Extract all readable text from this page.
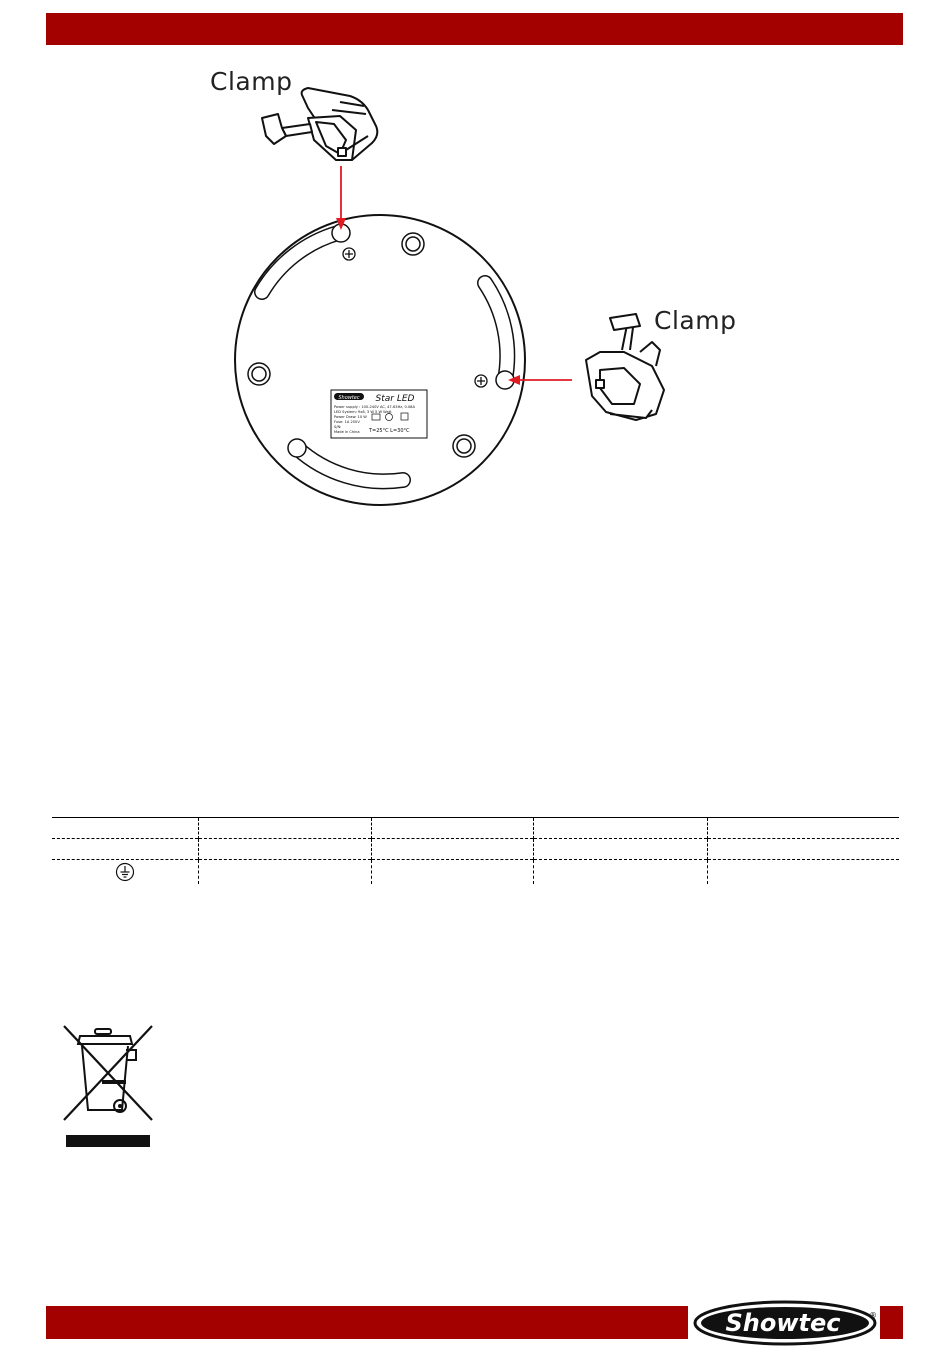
Showtec Star LED
Power supply : 100-240V AC, 47-63Hz, 0.08A
LED System: 9x8, 3 W 5 W Watt
Power Draw: 10 W
Fuse: 1A 250V
S/N:
Made in China T=25°C L=30°C
Clamp
Clamp

Showtec	®
